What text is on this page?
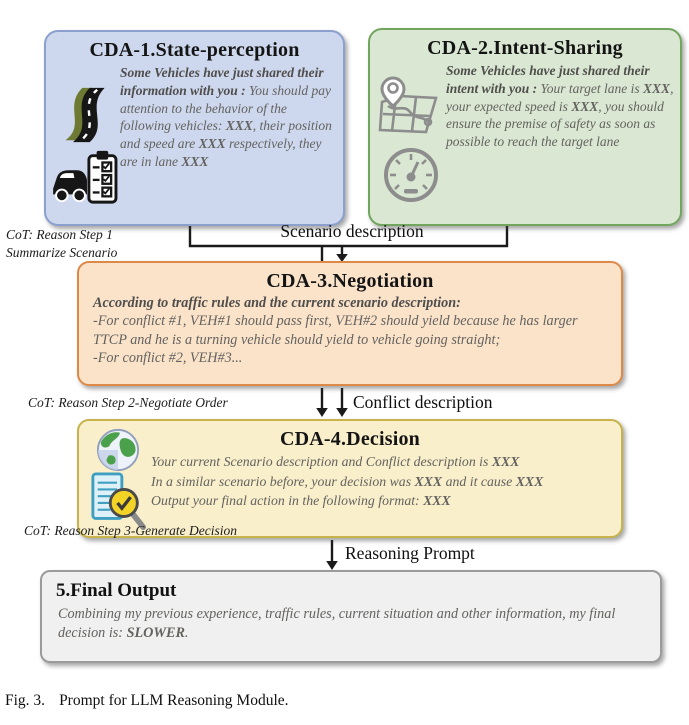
CDA-1.State-perception
Some Vehicles have just shared their information with you : You should pay attention to the behavior of the following vehicles: XXX, their position and speed are XXX respectively, they are in lane XXX
CDA-2.Intent-Sharing
Some Vehicles have just shared their intent with you : Your target lane is XXX, your expected speed is XXX, you should ensure the premise of safety as soon as possible to reach the target lane
CoT: Reason Step 1
Summarize Scenario
Scenario description
CDA-3.Negotiation
According to traffic rules and the current scenario description:
-For conflict #1, VEH#1 should pass first, VEH#2 should yield because he has larger TTCP and he is a turning vehicle should yield to vehicle going straight;
-For conflict #2, VEH#3...
CoT: Reason Step 2-Negotiate Order	Conflict description
CDA-4.Decision
Your current Scenario description and Conflict description is XXX
In a similar scenario before, your decision was XXX and it cause XXX
Output your final action in the following format: XXX
CoT: Reason Step 3-Generate Decision
Reasoning Prompt
5.Final Output
Combining my previous experience, traffic rules, current situation and other information, my final decision is: SLOWER.
Fig. 3. Prompt for LLM Reasoning Module.
